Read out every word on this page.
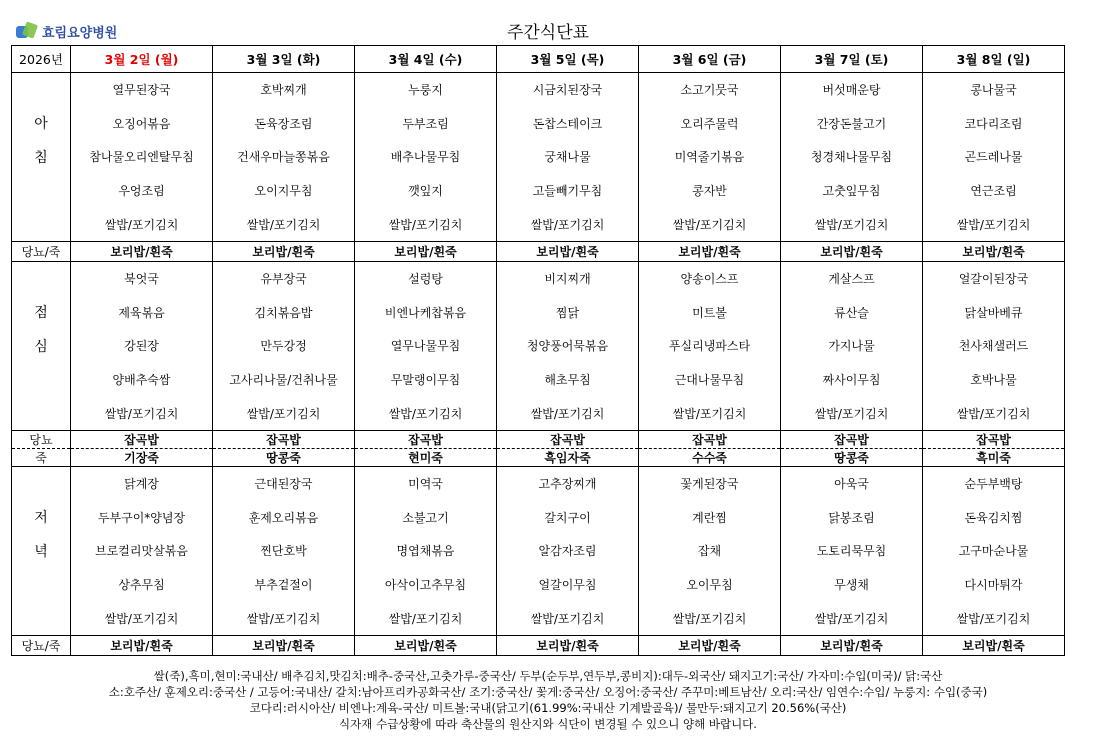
효림요양병원	주간식단표
2026년	3월 2일 (월)	3월 3일 (화)	3월 4일 (수)	3월 5일 (목)	3월 6일 (금)	3월 7일 (토)	3월 8일 (일)
	열무된장국	호박찌개	누룽지	시금치된장국	소고기뭇국	버섯매운탕	콩나물국
아	오징어볶음	돈육장조림	두부조림	돈찹스테이크	오리주물럭	간장돈불고기	코다리조림
침	참나물오리엔탈무침	건새우마늘쫑볶음	배추나물무침	궁채나물	미역줄기볶음	청경채나물무침	곤드레나물
	우엉조림	오이지무침	깻잎지	고들빼기무침	콩자반	고춧잎무침	연근조림
	쌀밥/포기김치	쌀밥/포기김치	쌀밥/포기김치	쌀밥/포기김치	쌀밥/포기김치	쌀밥/포기김치	쌀밥/포기김치
당뇨/죽	보리밥/흰죽	보리밥/흰죽	보리밥/흰죽	보리밥/흰죽	보리밥/흰죽	보리밥/흰죽	보리밥/흰죽
	북엇국	유부장국	설렁탕	비지찌개	양송이스프	게살스프	얼갈이된장국
점	제육볶음	김치볶음밥	비엔나케찹볶음	찜닭	미트볼	류산슬	닭살바베큐
심	강된장	만두강정	열무나물무침	청양풍어묵볶음	푸실리냉파스타	가지나물	천사채샐러드
	양배추숙쌈	고사리나물/건취나물	무말랭이무침	해초무침	근대나물무침	짜사이무침	호박나물
	쌀밥/포기김치	쌀밥/포기김치	쌀밥/포기김치	쌀밥/포기김치	쌀밥/포기김치	쌀밥/포기김치	쌀밥/포기김치
당뇨	잡곡밥	잡곡밥	잡곡밥	잡곡밥	잡곡밥	잡곡밥	잡곡밥
죽	기장죽	땅콩죽	현미죽	흑임자죽	수수죽	땅콩죽	흑미죽
	닭계장	근대된장국	미역국	고추장찌개	꽃게된장국	아욱국	순두부백탕
저	두부구이*양념장	훈제오리볶음	소불고기	갈치구이	계란찜	닭봉조림	돈육김치찜
녁	브로컬리맛살볶음	찐단호박	명엽채볶음	알감자조림	잡채	도토리묵무침	고구마순나물
	상추무침	부추겉절이	아삭이고추무침	얼갈이무침	오이무침	무생채	다시마튀각
	쌀밥/포기김치	쌀밥/포기김치	쌀밥/포기김치	쌀밥/포기김치	쌀밥/포기김치	쌀밥/포기김치	쌀밥/포기김치
당뇨/죽	보리밥/흰죽	보리밥/흰죽	보리밥/흰죽	보리밥/흰죽	보리밥/흰죽	보리밥/흰죽	보리밥/흰죽
쌀(죽),흑미,현미:국내산/ 배추김치,맛김치:배추-중국산,고춧가루-중국산/ 두부(순두부,연두부,콩비지):대두-외국산/ 돼지고기:국산/ 가자미:수입(미국)/ 닭:국산
소:호주산/ 훈제오리:중국산 / 고등어:국내산/ 갈치:남아프리카공화국산/ 조기:중국산/ 꽃게:중국산/ 오징어:중국산/ 주꾸미:베트남산/ 오리:국산/ 임연수:수입/ 누룽지: 수입(중국)
코다리:러시아산/ 비엔나:계육-국산/ 미트볼:국내(닭고기(61.99%:국내산 기계발골육)/ 물만두:돼지고기 20.56%(국산)
식자재 수급상황에 따라 축산물의 원산지와 식단이 변경될 수 있으니 양해 바랍니다.
